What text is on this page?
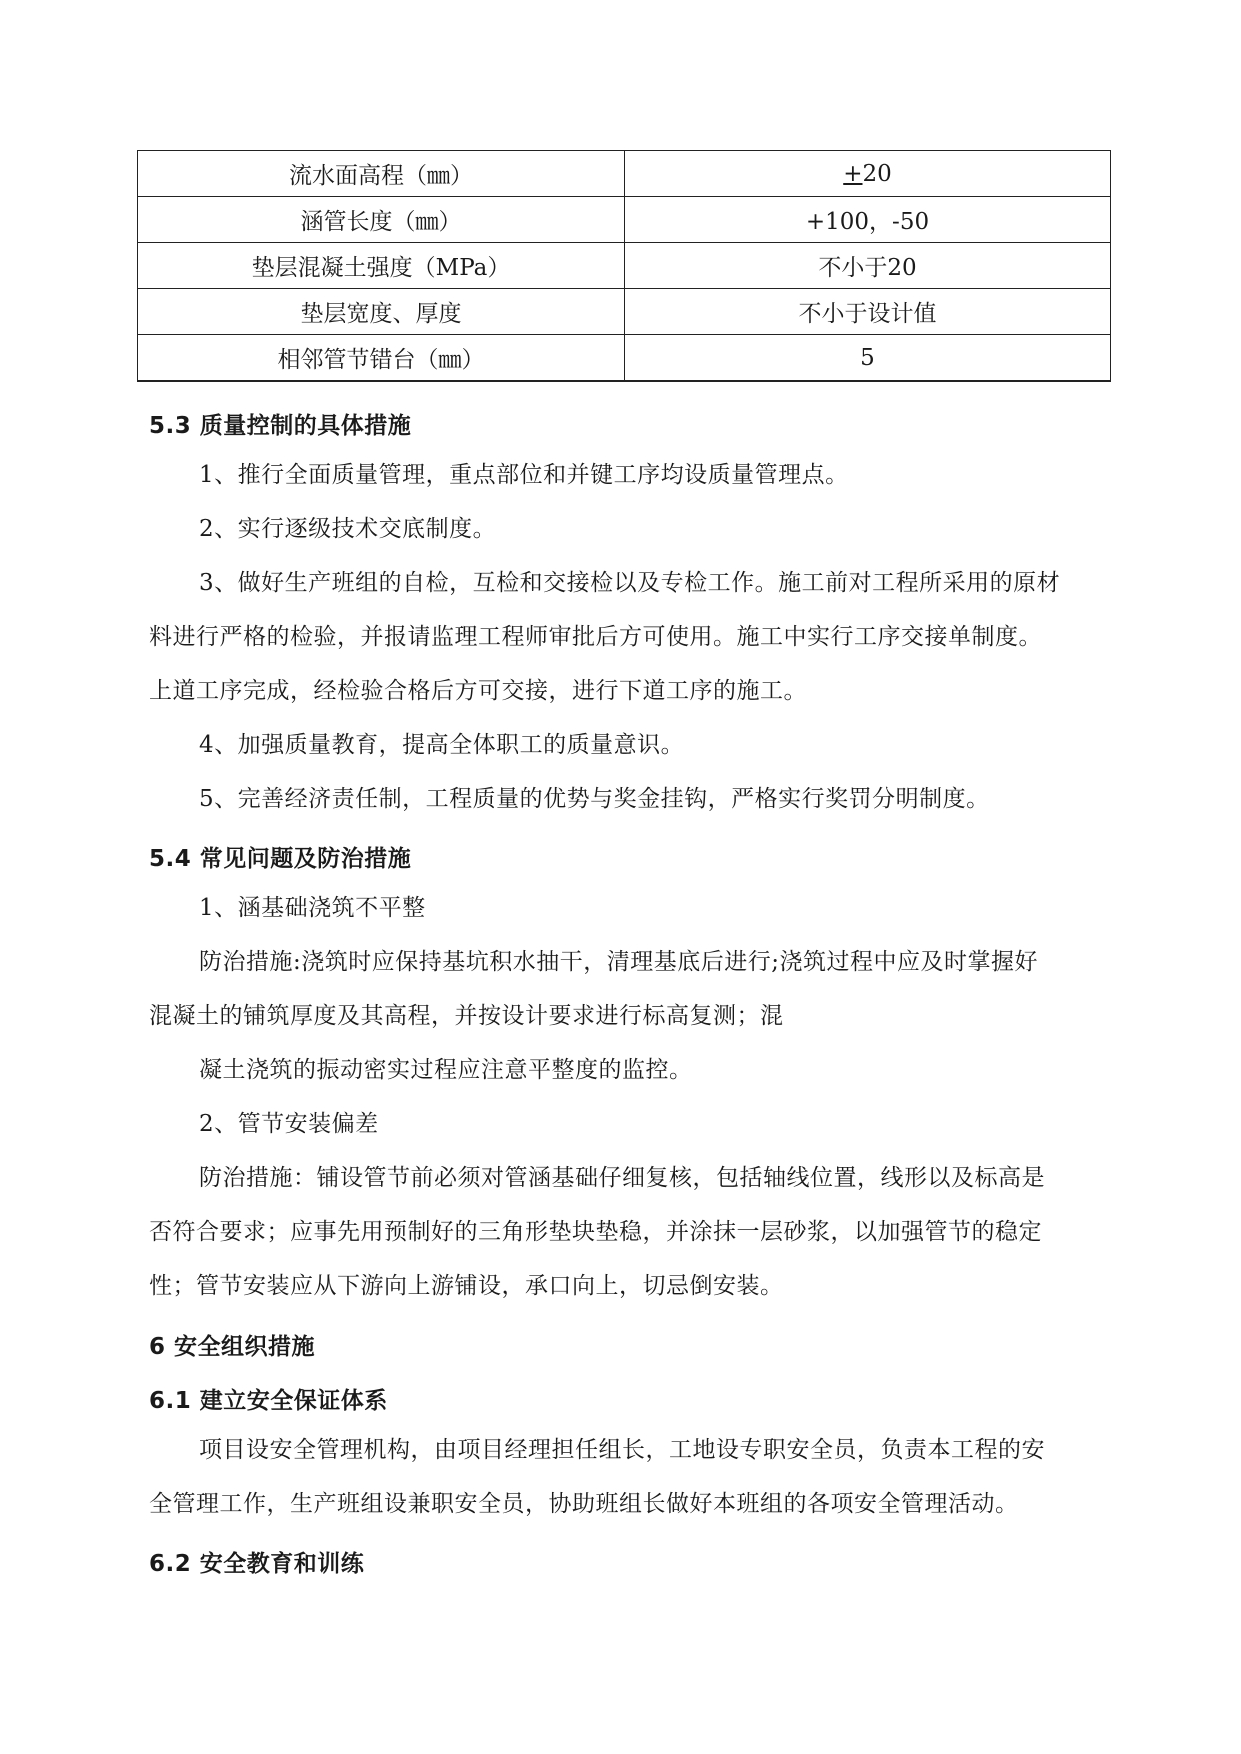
流水面高程（㎜）	+20
涵管长度（㎜）	+100，-50
垫层混凝土强度（MPa）	不小于20
垫层宽度、厚度	不小于设计值
相邻管节错台（㎜）	5
5.3 质量控制的具体措施
1、推行全面质量管理，重点部位和并键工序均设质量管理点。
2、实行逐级技术交底制度。
3、做好生产班组的自检，互检和交接检以及专检工作。施工前对工程所采用的原材
料进行严格的检验，并报请监理工程师审批后方可使用。施工中实行工序交接单制度。
上道工序完成，经检验合格后方可交接，进行下道工序的施工。
4、加强质量教育，提高全体职工的质量意识。
5、完善经济责任制，工程质量的优势与奖金挂钩，严格实行奖罚分明制度。
5.4 常见问题及防治措施
1、涵基础浇筑不平整
防治措施:浇筑时应保持基坑积水抽干，清理基底后进行;浇筑过程中应及时掌握好
混凝土的铺筑厚度及其高程，并按设计要求进行标高复测；混
凝土浇筑的振动密实过程应注意平整度的监控。
2、管节安装偏差
防治措施：铺设管节前必须对管涵基础仔细复核，包括轴线位置，线形以及标高是
否符合要求；应事先用预制好的三角形垫块垫稳，并涂抹一层砂浆，以加强管节的稳定
性；管节安装应从下游向上游铺设，承口向上，切忌倒安装。
6 安全组织措施
6.1 建立安全保证体系
项目设安全管理机构，由项目经理担任组长，工地设专职安全员，负责本工程的安
全管理工作，生产班组设兼职安全员，协助班组长做好本班组的各项安全管理活动。
6.2 安全教育和训练
